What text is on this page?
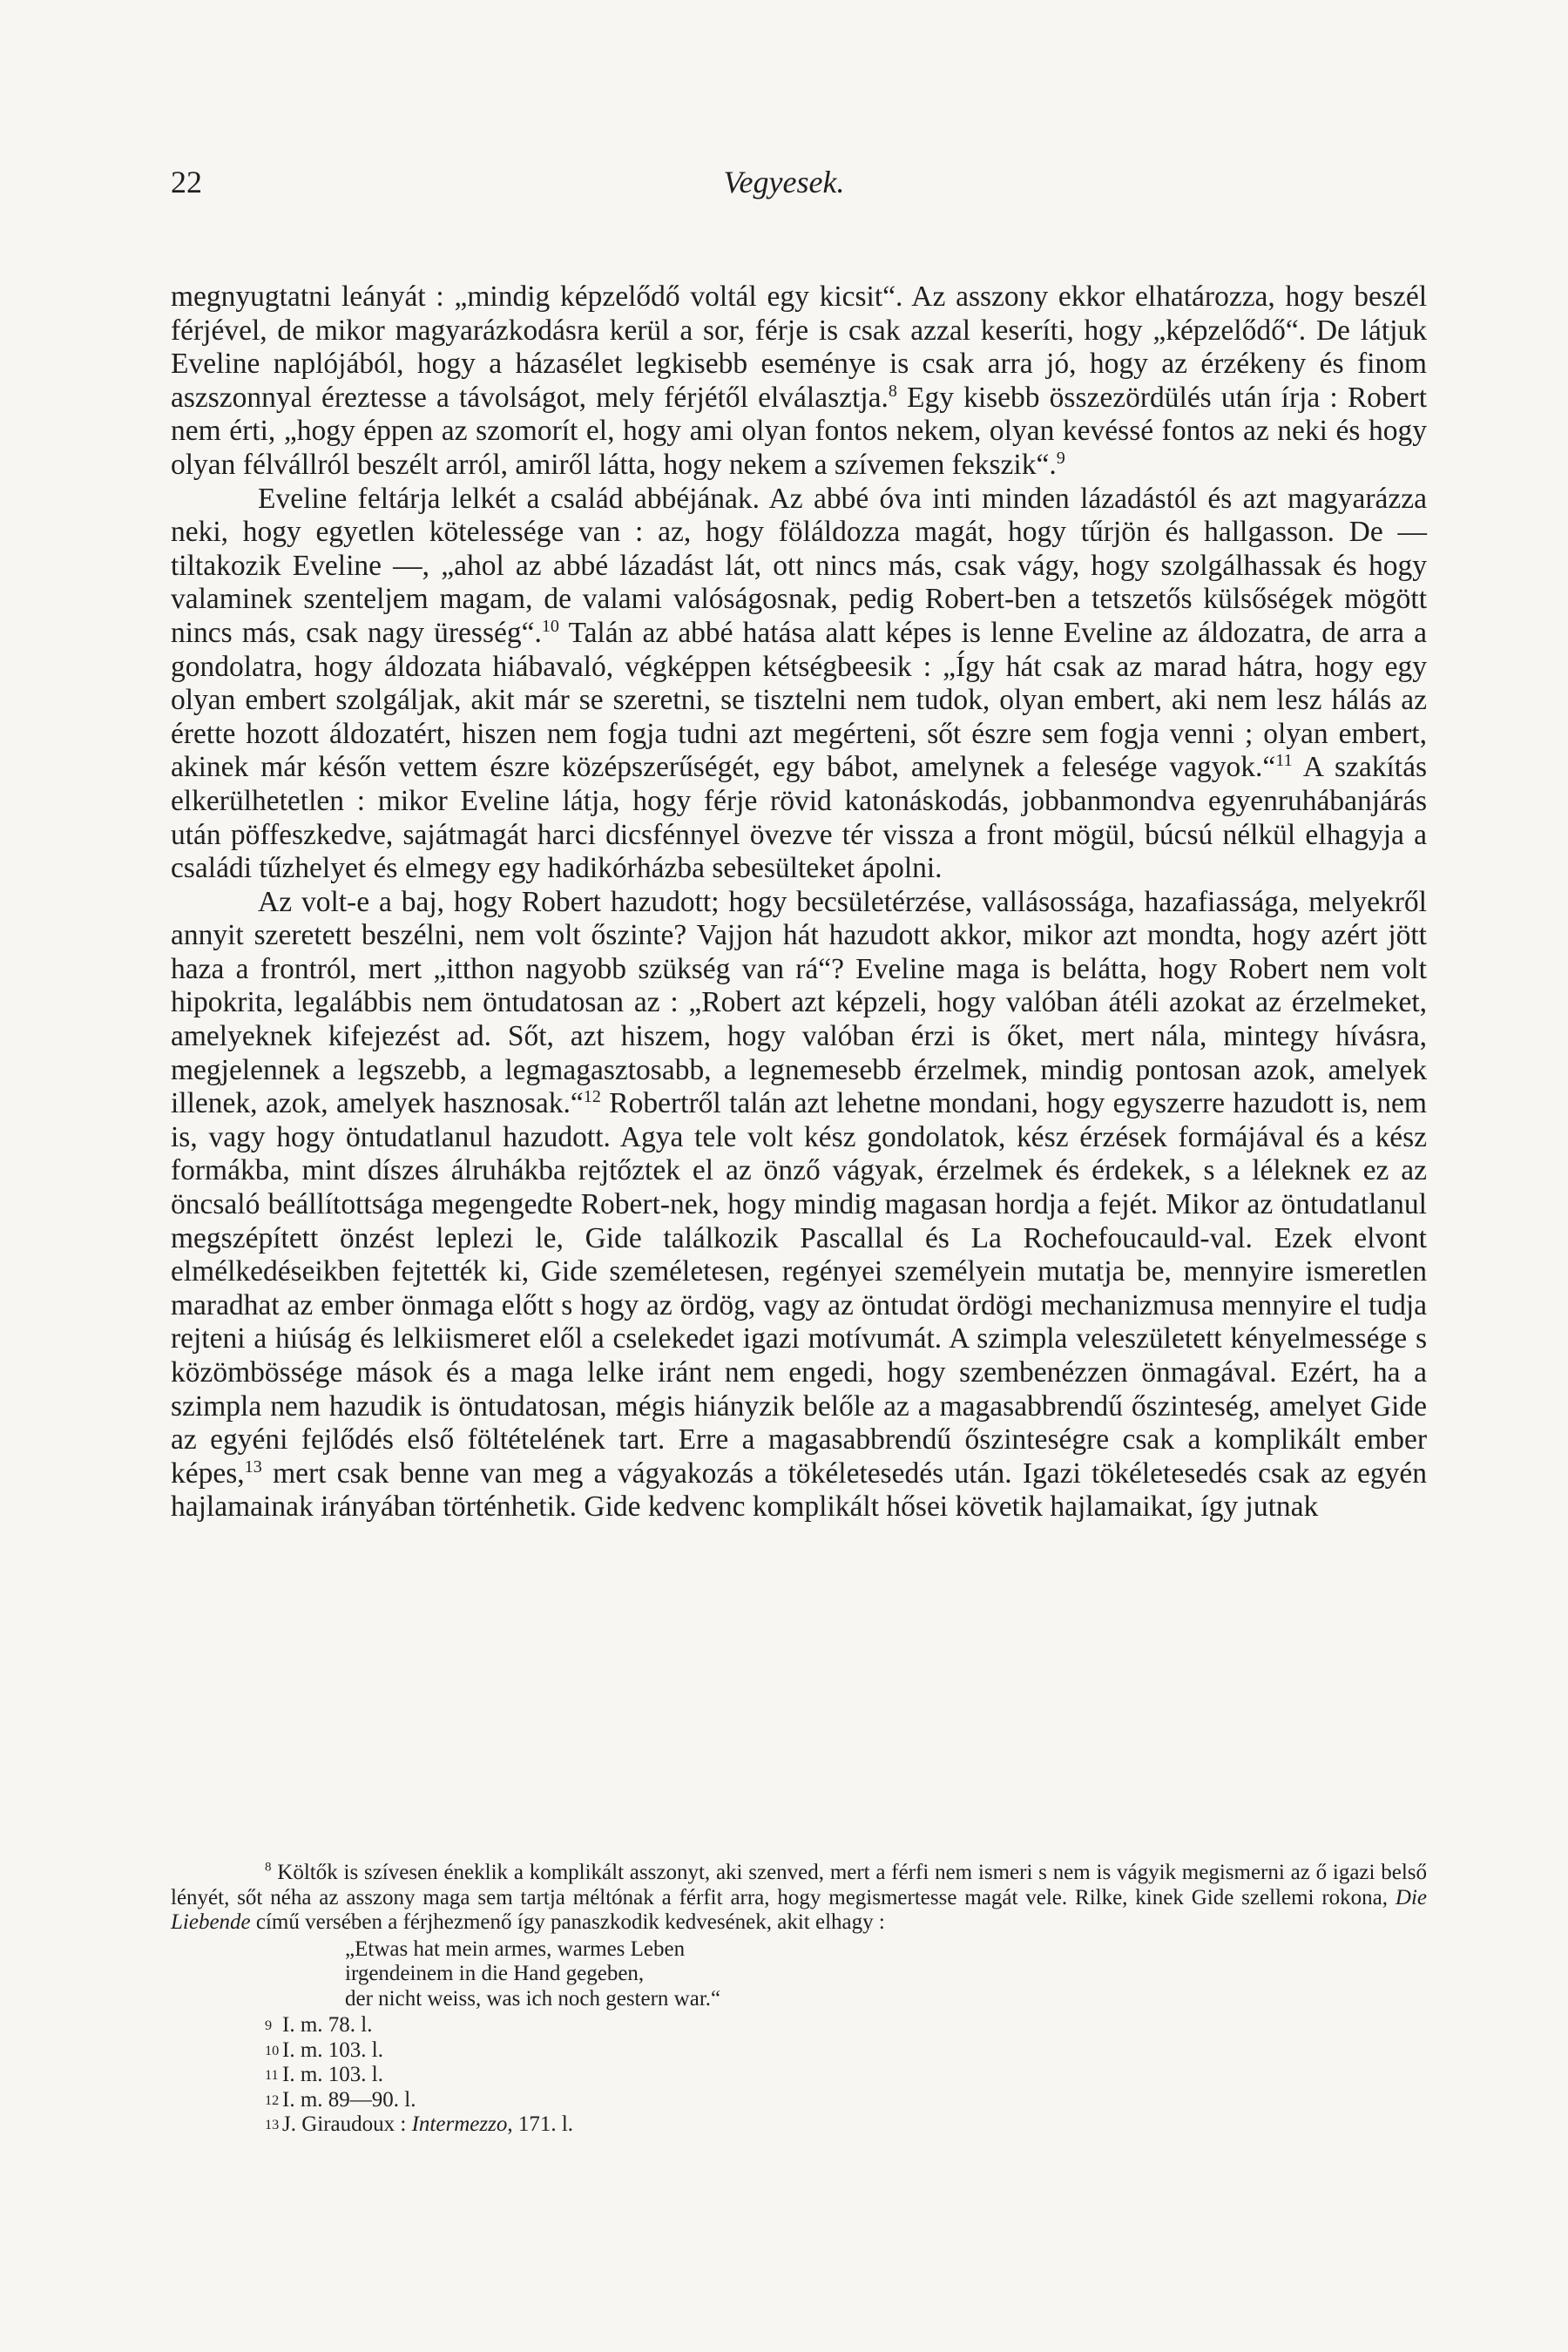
22	Vegyesek.

megnyugtatni leányát : „mindig képzelődő voltál egy kicsit“. Az asszony ekkor elhatározza, hogy beszél férjével, de mikor magyarázkodásra kerül a sor, férje is csak azzal keseríti, hogy „képzelődő“. De látjuk Eveline naplójából, hogy a házasélet legkisebb eseménye is csak arra jó, hogy az érzékeny és finom aszszonnyal éreztesse a távolságot, mely férjétől elválasztja.$^8$ Egy kisebb összezördülés után írja : Robert nem érti, „hogy éppen az szomorít el, hogy ami olyan fontos nekem, olyan kevéssé fontos az neki és hogy olyan félvállról beszélt arról, amiről látta, hogy nekem a szívemen fekszik“.$^9$

Eveline feltárja lelkét a család abbéjának. Az abbé óva inti minden lázadástól és azt magyarázza neki, hogy egyetlen kötelessége van : az, hogy föláldozza magát, hogy tűrjön és hallgasson. De — tiltakozik Eveline —, „ahol az abbé lázadást lát, ott nincs más, csak vágy, hogy szolgálhassak és hogy valaminek szenteljem magam, de valami valóságosnak, pedig Robert-ben a tetszetős külsőségek mögött nincs más, csak nagy üresség“.$^{10}$ Talán az abbé hatása alatt képes is lenne Eveline az áldozatra, de arra a gondolatra, hogy áldozata hiábavaló, végképpen kétségbeesik : „Így hát csak az marad hátra, hogy egy olyan embert szolgáljak, akit már se szeretni, se tisztelni nem tudok, olyan embert, aki nem lesz hálás az érette hozott áldozatért, hiszen nem fogja tudni azt megérteni, sőt észre sem fogja venni ; olyan embert, akinek már későn vettem észre középszerűségét, egy bábot, amelynek a felesége vagyok.“$^{11}$ A szakítás elkerülhetetlen : mikor Eveline látja, hogy férje rövid katonáskodás, jobbanmondva egyenruhábanjárás után pöffeszkedve, sajátmagát harci dicsfénnyel övezve tér vissza a front mögül, búcsú nélkül elhagyja a családi tűzhelyet és elmegy egy hadikórházba sebesülteket ápolni.

Az volt-e a baj, hogy Robert hazudott; hogy becsületérzése, vallásossága, hazafiassága, melyekről annyit szeretett beszélni, nem volt őszinte? Vajjon hát hazudott akkor, mikor azt mondta, hogy azért jött haza a frontról, mert „itthon nagyobb szükség van rá“? Eveline maga is belátta, hogy Robert nem volt hipokrita, legalábbis nem öntudatosan az : „Robert azt képzeli, hogy valóban átéli azokat az érzelmeket, amelyeknek kifejezést ad. Sőt, azt hiszem, hogy valóban érzi is őket, mert nála, mintegy hívásra, megjelennek a legszebb, a legmagasztosabb, a legnemesebb érzelmek, mindig pontosan azok, amelyek illenek, azok, amelyek hasznosak.“$^{12}$ Robertről talán azt lehetne mondani, hogy egyszerre hazudott is, nem is, vagy hogy öntudatlanul hazudott. Agya tele volt kész gondolatok, kész érzések formájával és a kész formákba, mint díszes álruhákba rejtőztek el az önző vágyak, érzelmek és érdekek, s a léleknek ez az öncsaló beállítottsága megengedte Robert-nek, hogy mindig magasan hordja a fejét. Mikor az öntudatlanul megszépített önzést leplezi le, Gide találkozik Pascallal és La Rochefoucauld-val. Ezek elvont elmélkedéseikben fejtették ki, Gide személetesen, regényei személyein mutatja be, mennyire ismeretlen maradhat az ember önmaga előtt s hogy az ördög, vagy az öntudat ördögi mechanizmusa mennyire el tudja rejteni a hiúság és lelkiismeret elől a cselekedet igazi motívumát. A szimpla veleszületett kényelmessége s közömbössége mások és a maga lelke iránt nem engedi, hogy szembenézzen önmagával. Ezért, ha a szimpla nem hazudik is öntudatosan, mégis hiányzik belőle az a magasabbrendű őszinteség, amelyet Gide az egyéni fejlődés első föltételének tart. Erre a magasabbrendű őszinteségre csak a komplikált ember képes,$^{13}$ mert csak benne van meg a vágyakozás a tökéletesedés után. Igazi tökéletesedés csak az egyén hajlamainak irányában történhetik. Gide kedvenc komplikált hősei követik hajlamaikat, így jutnak

$^8$ Költők is szívesen éneklik a komplikált asszonyt, aki szenved, mert a férfi nem ismeri s nem is vágyik megismerni az ő igazi belső lényét, sőt néha az asszony maga sem tartja méltónak a férfit arra, hogy megismertesse magát vele. Rilke, kinek Gide szellemi rokona, Die Liebende című versében a férjhezmenő így panaszkodik kedvesének, akit elhagy :

„Etwas hat mein armes, warmes Leben
irgendeinem in die Hand gegeben,
der nicht weiss, was ich noch gestern war.“
9 I. m. 78. l.
10 I. m. 103. l.
11 I. m. 103. l.
12 I. m. 89—90. l.
13 J. Giraudoux : Intermezzo, 171. l.
